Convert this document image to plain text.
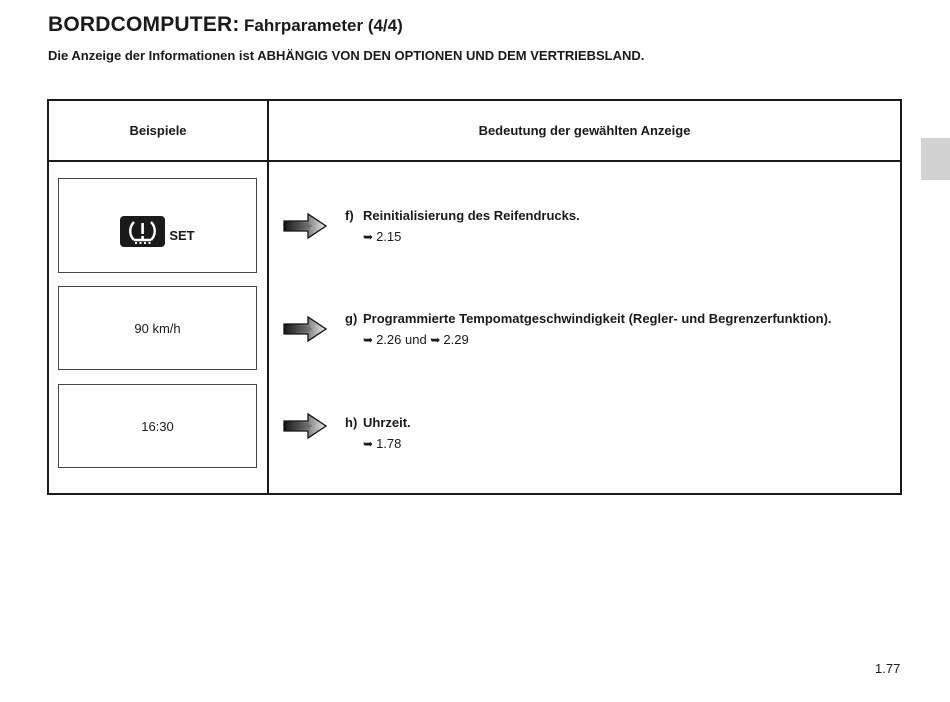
BORDCOMPUTER: Fahrparameter (4/4)
Die Anzeige der Informationen ist ABHÄNGIG VON DEN OPTIONEN UND DEM VERTRIEBSLAND.
Beispiele	Bedeutung der gewählten Anzeige
SET
90 km/h
16:30
f) Reinitialisierung des Reifendrucks.
➥ 2.15
g) Programmierte Tempomatgeschwindigkeit (Regler- und Begrenzerfunktion).
➥ 2.26 und ➥ 2.29
h) Uhrzeit.
➥ 1.78
1.77
